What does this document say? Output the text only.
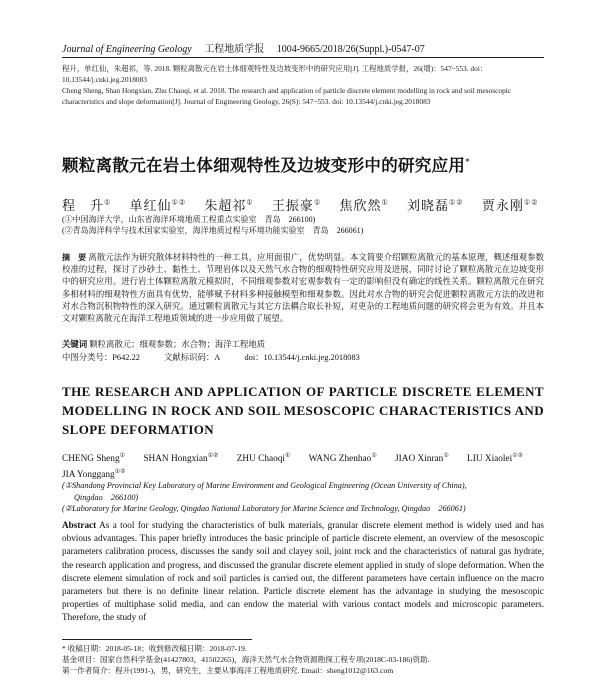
Journal of Engineering Geology 工程地质学报 1004-9665/2018/26(Suppl.)-0547-07
程升，单红仙，朱超祁，等. 2018. 颗粒离散元在岩土体细观特性及边坡变形中的研究应用[J]. 工程地质学报，26(增)：547~553. doi：10.13544/j.cnki.jeg.2018083
Cheng Sheng, Shan Hongxian, Zhu Chaoqi, et al. 2018. The research and application of particle discrete element modelling in rock and soil mesoscopic characteristics and slope deformation[J]. Journal of Engineering Geology, 26(S): 547~553. doi: 10.13544/j.cnki.jeg.2018083
颗粒离散元在岩土体细观特性及边坡变形中的研究应用*
程　升① 单红仙①② 朱超祁① 王振豪① 焦欣然① 刘晓磊①② 贾永刚①②
(①中国海洋大学，山东省海洋环境地质工程重点实验室　青岛　266100)
(②青岛海洋科学与技术国家实验室，海洋地质过程与环境功能实验室　青岛　266061)
摘　要 离散元法作为研究散体材料特性的一种工具，应用面很广，优势明显。本文简要介绍颗粒离散元的基本原理，概述细观参数校准的过程，探讨了沙砂土、黏性土、节理岩体以及天然气水合物的细观特性研究应用及进展，同时讨论了颗粒离散元在边坡变形中的研究应用。进行岩土体颗粒离散元模拟时，不同细观参数对宏观参数有一定的影响但没有确定的线性关系。颗粒离散元在研究多相材料的细观特性方面具有优势，能够赋予材料多种接触模型和细观参数。因此对水合物的研究会促进颗粒离散元方法的改进和对水合物沉积物特性的深入研究。通过颗粒离散元与其它方法耦合取长补短，对更杂的工程地质问题的研究将会更为有效。并且本文对颗粒离散元在海洋工程地质领域的进一步应用做了展望。
关键词 颗粒离散元；细观参数；水合物；海洋工程地质
中图分类号：P642.22	文献标识码：A	doi：10.13544/j.cnki.jeg.2018083
THE RESEARCH AND APPLICATION OF PARTICLE DISCRETE ELEMENT MODELLING IN ROCK AND SOIL MESOSCOPIC CHARACTERISTICS AND SLOPE DEFORMATION
CHENG Sheng① SHAN Hongxian①② ZHU Chaoqi① WANG Zhenhao① JIAO Xinran① LIU Xiaolei①② JIA Yonggang①②
(①Shandong Provincial Key Laboratory of Marine Environment and Geological Engineering (Ocean University of China),
Qingdao　266100)
(②Laboratory for Marine Geology, Qingdao National Laboratory for Marine Science and Technology, Qingdao　266061)
Abstract As a tool for studying the characteristics of bulk materials, granular discrete element method is widely used and has obvious advantages. This paper briefly introduces the basic principle of particle discrete element, an overview of the mesoscopic parameters calibration process, discusses the sandy soil and clayey soil, joint rock and the characteristics of natural gas hydrate, the research application and progress, and discussed the granular discrete element applied in study of slope deformation. When the discrete element simulation of rock and soil particles is carried out, the different parameters have certain influence on the macro parameters but there is no definite linear relation. Particle discrete element has the advantage in studying the mesoscopic properties of multiphase solid media, and can endow the material with various contact models and microscopic parameters. Therefore, the study of
* 收稿日期：2018-05-18；收到修改稿日期：2018-07-19.
基金项目：国家自然科学基金(41427803，41502265)，海洋天然气水合物资源勘探工程专项(2018C-03-186)资助.
第一作者简介：程升(1991-)，男，研究生，主要从事海洋工程地质研究. Email：sheng1012@163.com
